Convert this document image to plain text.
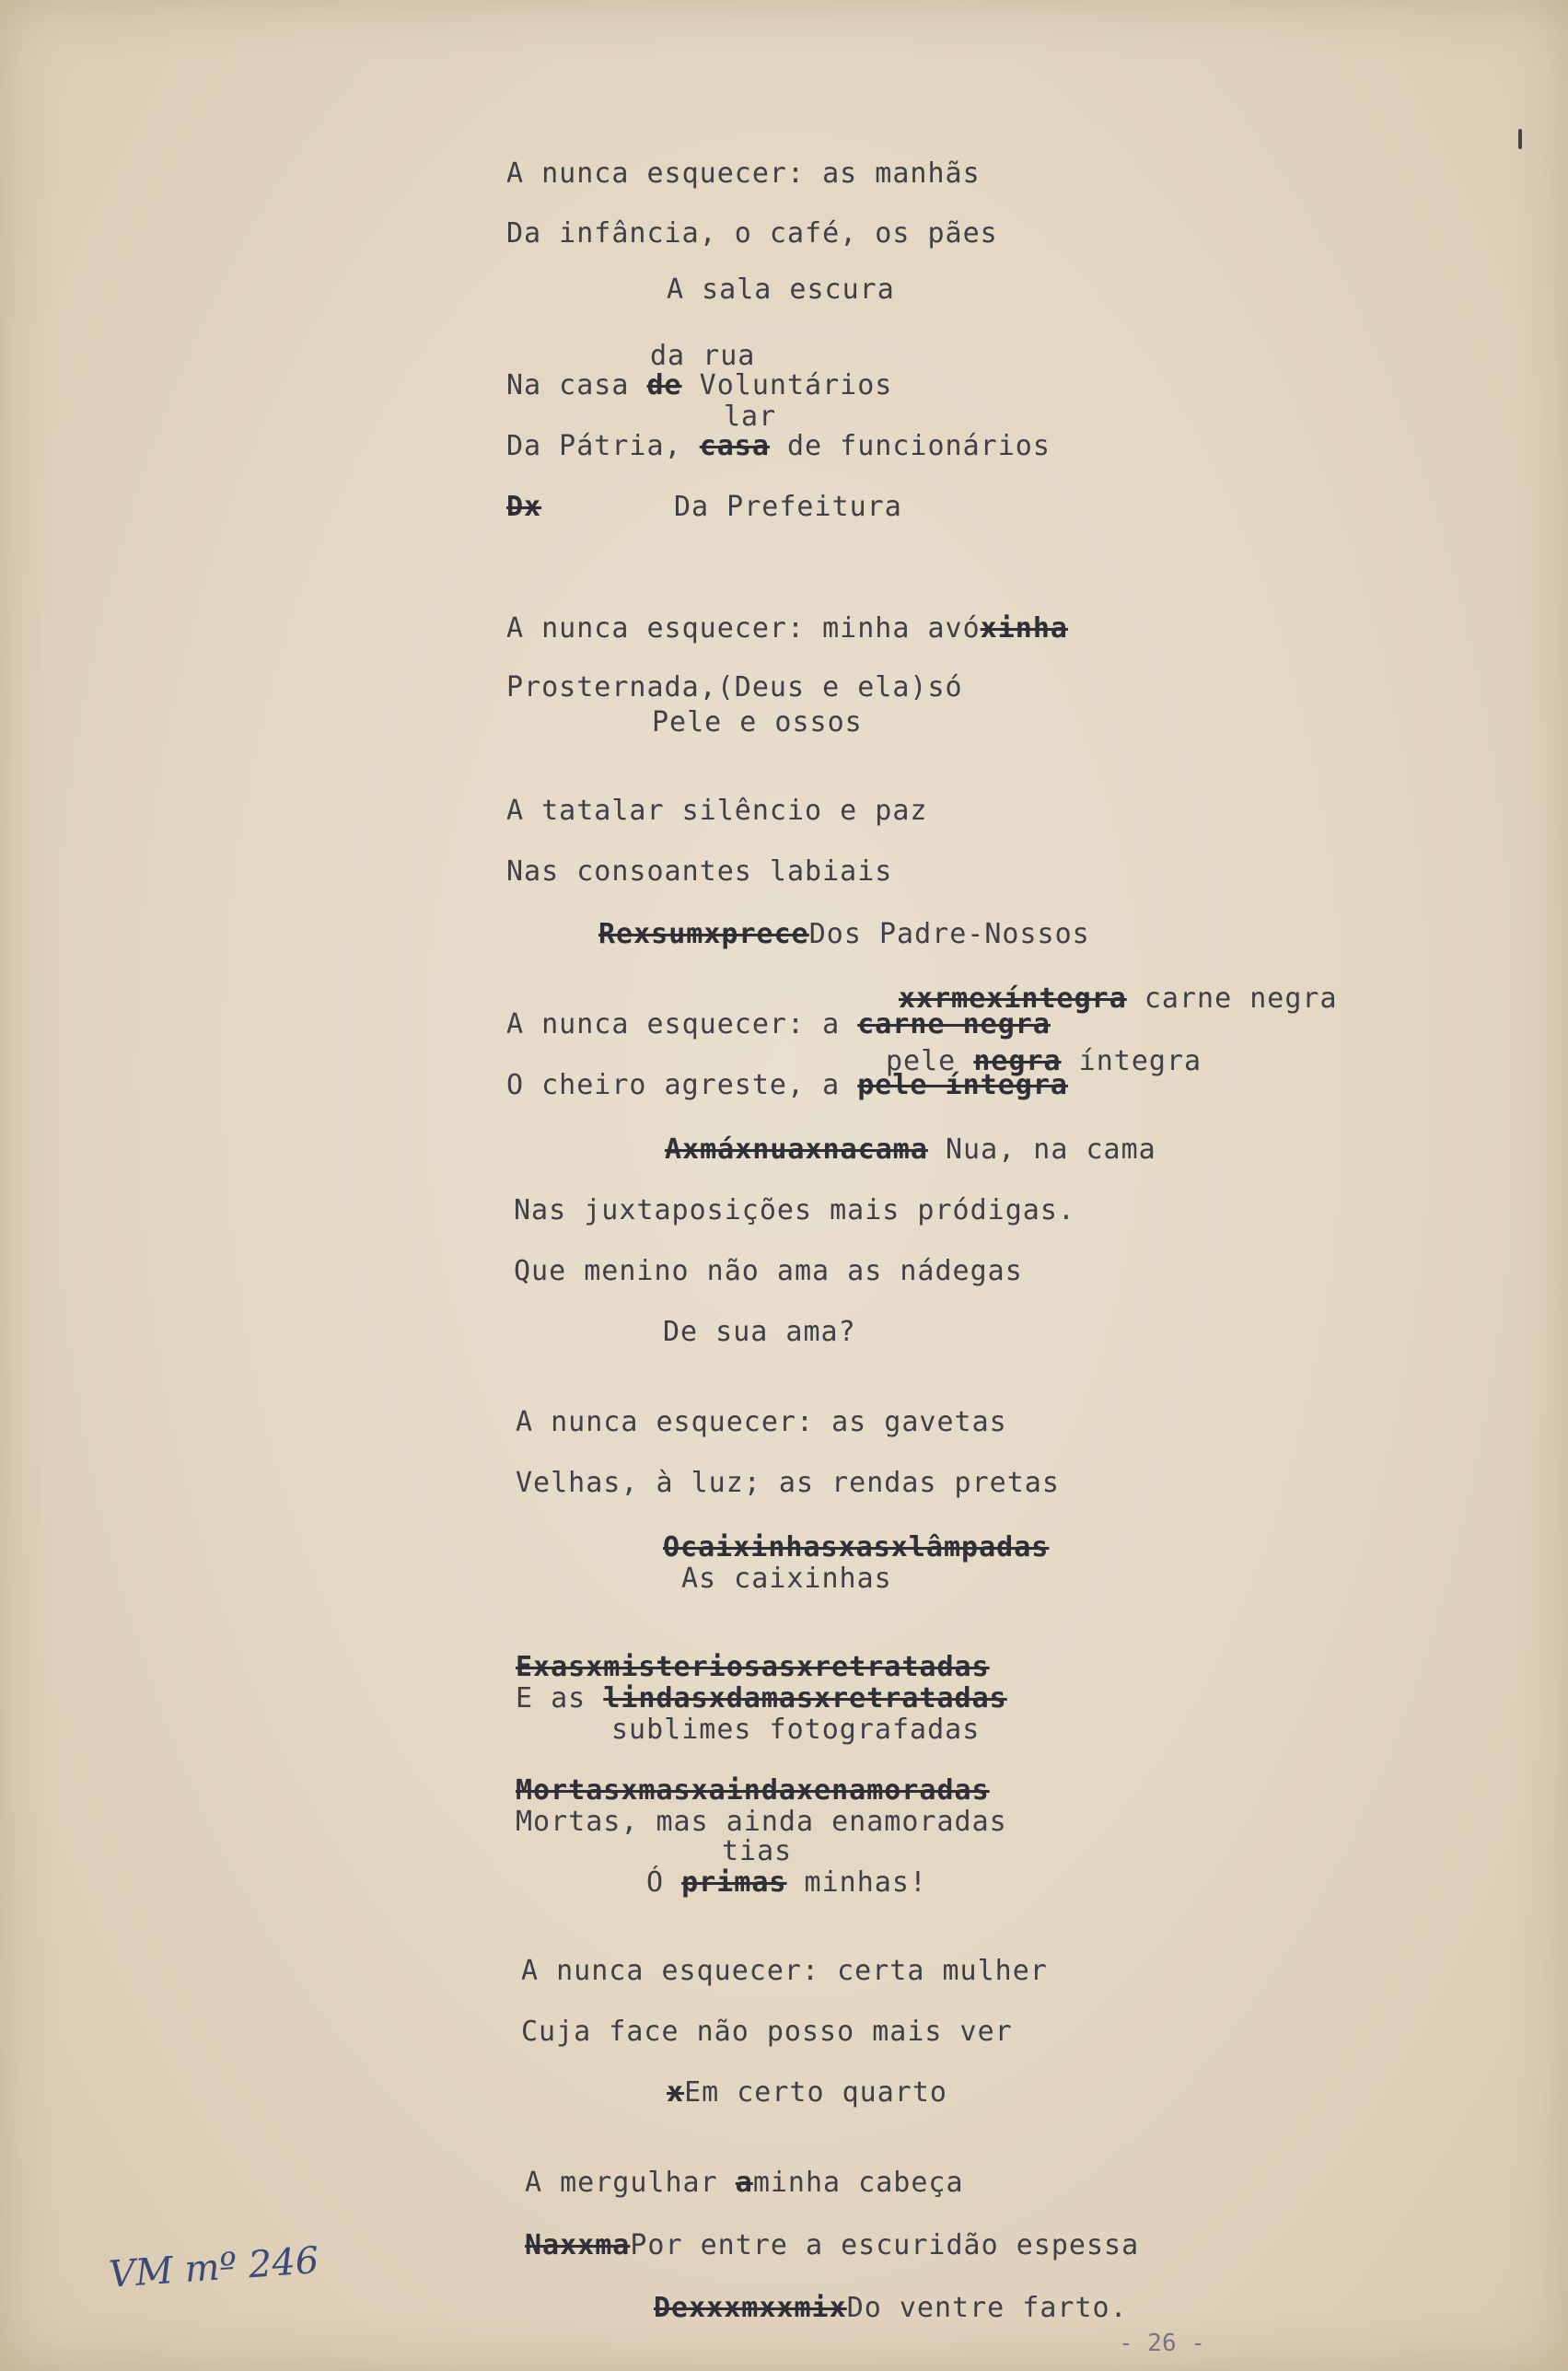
A nunca esquecer: as manhãs
Da infância, o café, os pães
A sala escura
da rua
Na casa de Voluntários
lar
Da Pátria, casa de funcionários
Dx	Da Prefeitura
A nunca esquecer: minha avóxinha
Prosternada,(Deus e ela)só
Pele e ossos
A tatalar silêncio e paz
Nas consoantes labiais
RexsumxpreceDos Padre-Nossos
xxrmexíntegra carne negra
A nunca esquecer: a carne negra
pele negra íntegra
O cheiro agreste, a pele íntegra
Axmáxnuaxnacama Nua, na cama
Nas juxtaposições mais pródigas.
Que menino não ama as nádegas
De sua ama?
A nunca esquecer: as gavetas
Velhas, à luz; as rendas pretas
Ocaixinhasxasxlâmpadas
As caixinhas
Exasxmisteriosasxretratadas
E as lindasxdamasxretratadas
sublimes fotografadas
Mortasxmasxaindaxenamoradas
Mortas, mas ainda enamoradas
tias
Ó primas minhas!
A nunca esquecer: certa mulher
Cuja face não posso mais ver
xEm certo quarto
A mergulhar aminha cabeça
NaxxmaPor entre a escuridão espessa
DexxxmxxmixDo ventre farto.
VM mº 246
- 26 -
